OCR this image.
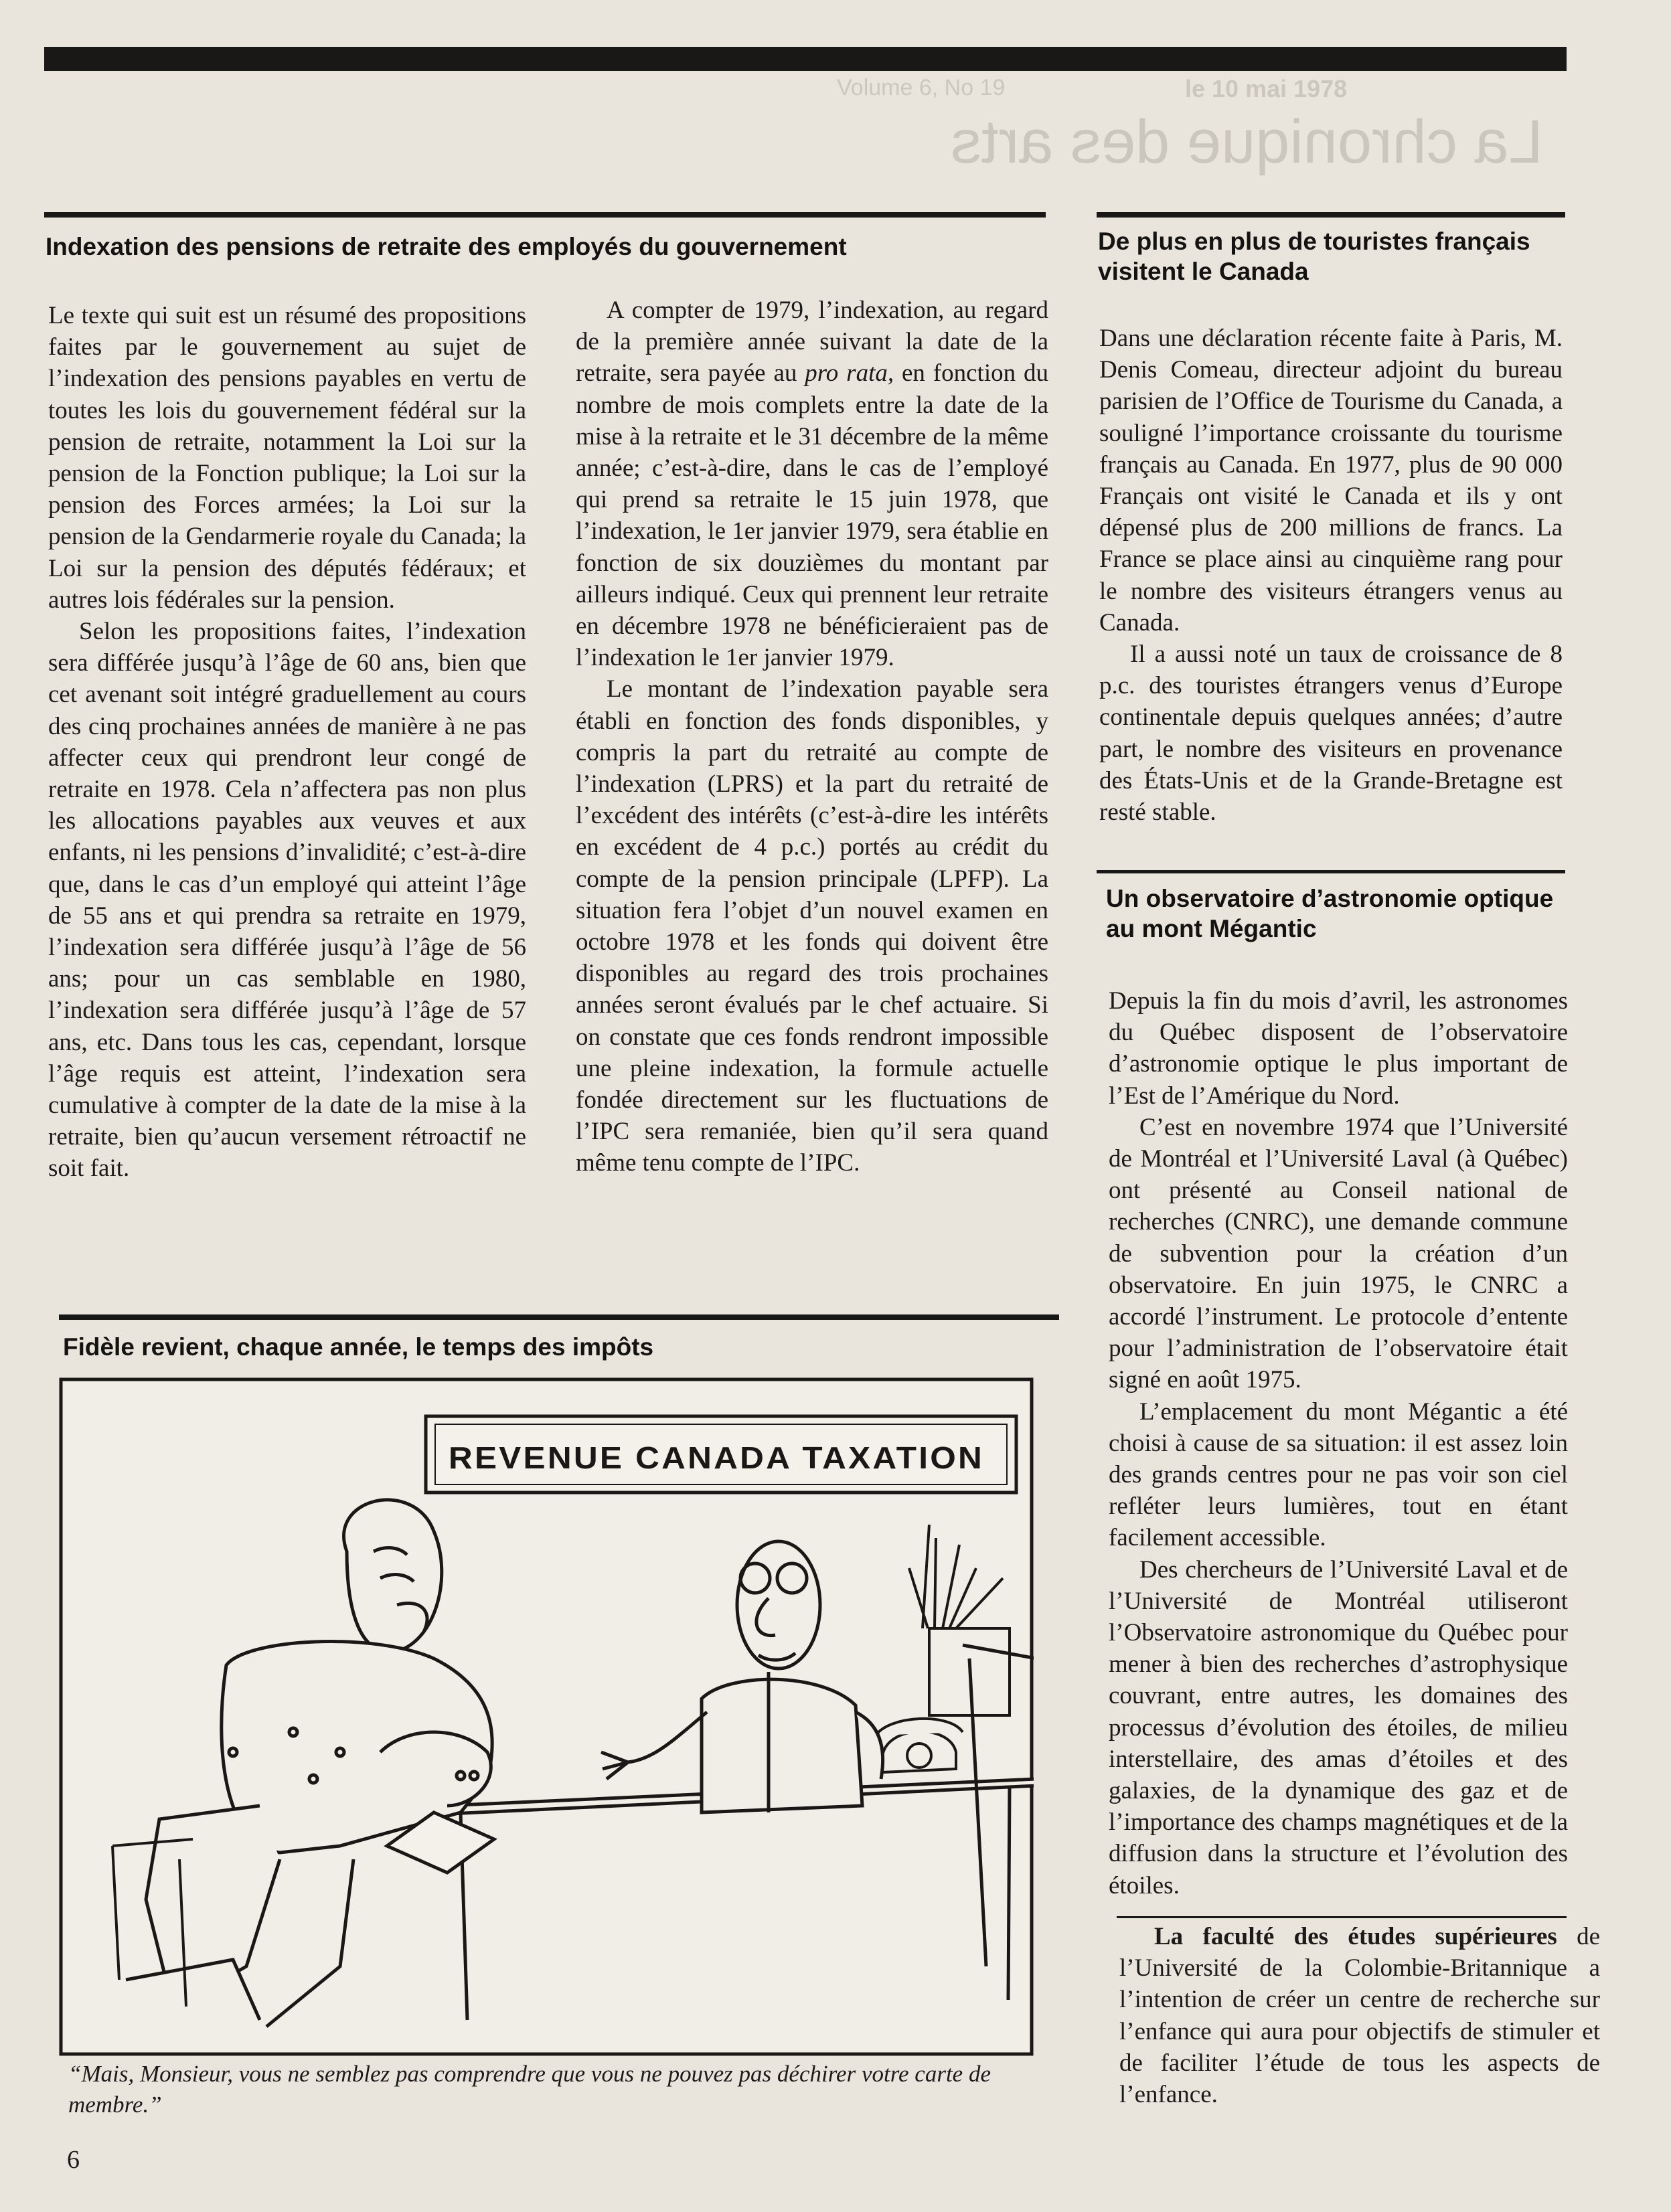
Volume 6, No 19	le 10 mai 1978
La chronique des arts
Indexation des pensions de retraite des employés du gouvernement

Le texte qui suit est un résumé des propositions faites par le gouvernement au sujet de l’indexation des pensions payables en vertu de toutes les lois du gouvernement fédéral sur la pension de retraite, notamment la Loi sur la pension de la Fonction publique; la Loi sur la pension des Forces armées; la Loi sur la pension de la Gendarmerie royale du Canada; la Loi sur la pension des députés fédéraux; et autres lois fédérales sur la pension.

Selon les propositions faites, l’indexation sera différée jusqu’à l’âge de 60 ans, bien que cet avenant soit intégré graduellement au cours des cinq prochaines années de manière à ne pas affecter ceux qui prendront leur congé de retraite en 1978. Cela n’affectera pas non plus les allocations payables aux veuves et aux enfants, ni les pensions d’invalidité; c’est-à-dire que, dans le cas d’un employé qui atteint l’âge de 55 ans et qui prendra sa retraite en 1979, l’indexation sera différée jusqu’à l’âge de 56 ans; pour un cas semblable en 1980, l’indexation sera différée jusqu’à l’âge de 57 ans, etc. Dans tous les cas, cependant, lorsque l’âge requis est atteint, l’indexation sera cumulative à compter de la date de la mise à la retraite, bien qu’aucun versement rétroactif ne soit fait.

A compter de 1979, l’indexation, au regard de la première année suivant la date de la retraite, sera payée au pro rata, en fonction du nombre de mois complets entre la date de la mise à la retraite et le 31 décembre de la même année; c’est-à-dire, dans le cas de l’employé qui prend sa retraite le 15 juin 1978, que l’indexation, le 1er janvier 1979, sera établie en fonction de six douzièmes du montant par ailleurs indiqué. Ceux qui prennent leur retraite en décembre 1978 ne bénéficieraient pas de l’indexation le 1er janvier 1979.

Le montant de l’indexation payable sera établi en fonction des fonds disponibles, y compris la part du retraité au compte de l’indexation (LPRS) et la part du retraité de l’excédent des intérêts (c’est-à-dire les intérêts en excédent de 4 p.c.) portés au crédit du compte de la pension principale (LPFP). La situation fera l’objet d’un nouvel examen en octobre 1978 et les fonds qui doivent être disponibles au regard des trois prochaines années seront évalués par le chef actuaire. Si on constate que ces fonds rendront impossible une pleine indexation, la formule actuelle fondée directement sur les fluctuations de l’IPC sera remaniée, bien qu’il sera quand même tenu compte de l’IPC.

De plus en plus de touristes français visitent le Canada

Dans une déclaration récente faite à Paris, M. Denis Comeau, directeur adjoint du bureau parisien de l’Office de Tourisme du Canada, a souligné l’importance croissante du tourisme français au Canada. En 1977, plus de 90 000 Français ont visité le Canada et ils y ont dépensé plus de 200 millions de francs. La France se place ainsi au cinquième rang pour le nombre des visiteurs étrangers venus au Canada.

Il a aussi noté un taux de croissance de 8 p.c. des touristes étrangers venus d’Europe continentale depuis quelques années; d’autre part, le nombre des visiteurs en provenance des États-Unis et de la Grande-Bretagne est resté stable.

Un observatoire d’astronomie optique au mont Mégantic

Depuis la fin du mois d’avril, les astronomes du Québec disposent de l’observatoire d’astronomie optique le plus important de l’Est de l’Amérique du Nord.

C’est en novembre 1974 que l’Université de Montréal et l’Université Laval (à Québec) ont présenté au Conseil national de recherches (CNRC), une demande commune de subvention pour la création d’un observatoire. En juin 1975, le CNRC a accordé l’instrument. Le protocole d’entente pour l’administration de l’observatoire était signé en août 1975.

L’emplacement du mont Mégantic a été choisi à cause de sa situation: il est assez loin des grands centres pour ne pas voir son ciel refléter leurs lumières, tout en étant facilement accessible.

Des chercheurs de l’Université Laval et de l’Université de Montréal utiliseront l’Observatoire astronomique du Québec pour mener à bien des recherches d’astrophysique couvrant, entre autres, les domaines des processus d’évolution des étoiles, de milieu interstellaire, des amas d’étoiles et des galaxies, de la dynamique des gaz et de l’importance des champs magnétiques et de la diffusion dans la structure et l’évolution des étoiles.

La faculté des études supérieures de l’Université de la Colombie-Britannique a l’intention de créer un centre de recherche sur l’enfance qui aura pour objectifs de stimuler et de faciliter l’étude de tous les aspects de l’enfance.

Fidèle revient, chaque année, le temps des impôts
REVENUE CANADA TAXATION
“Mais, Monsieur, vous ne semblez pas comprendre que vous ne pouvez pas déchirer votre carte de membre.”
6
